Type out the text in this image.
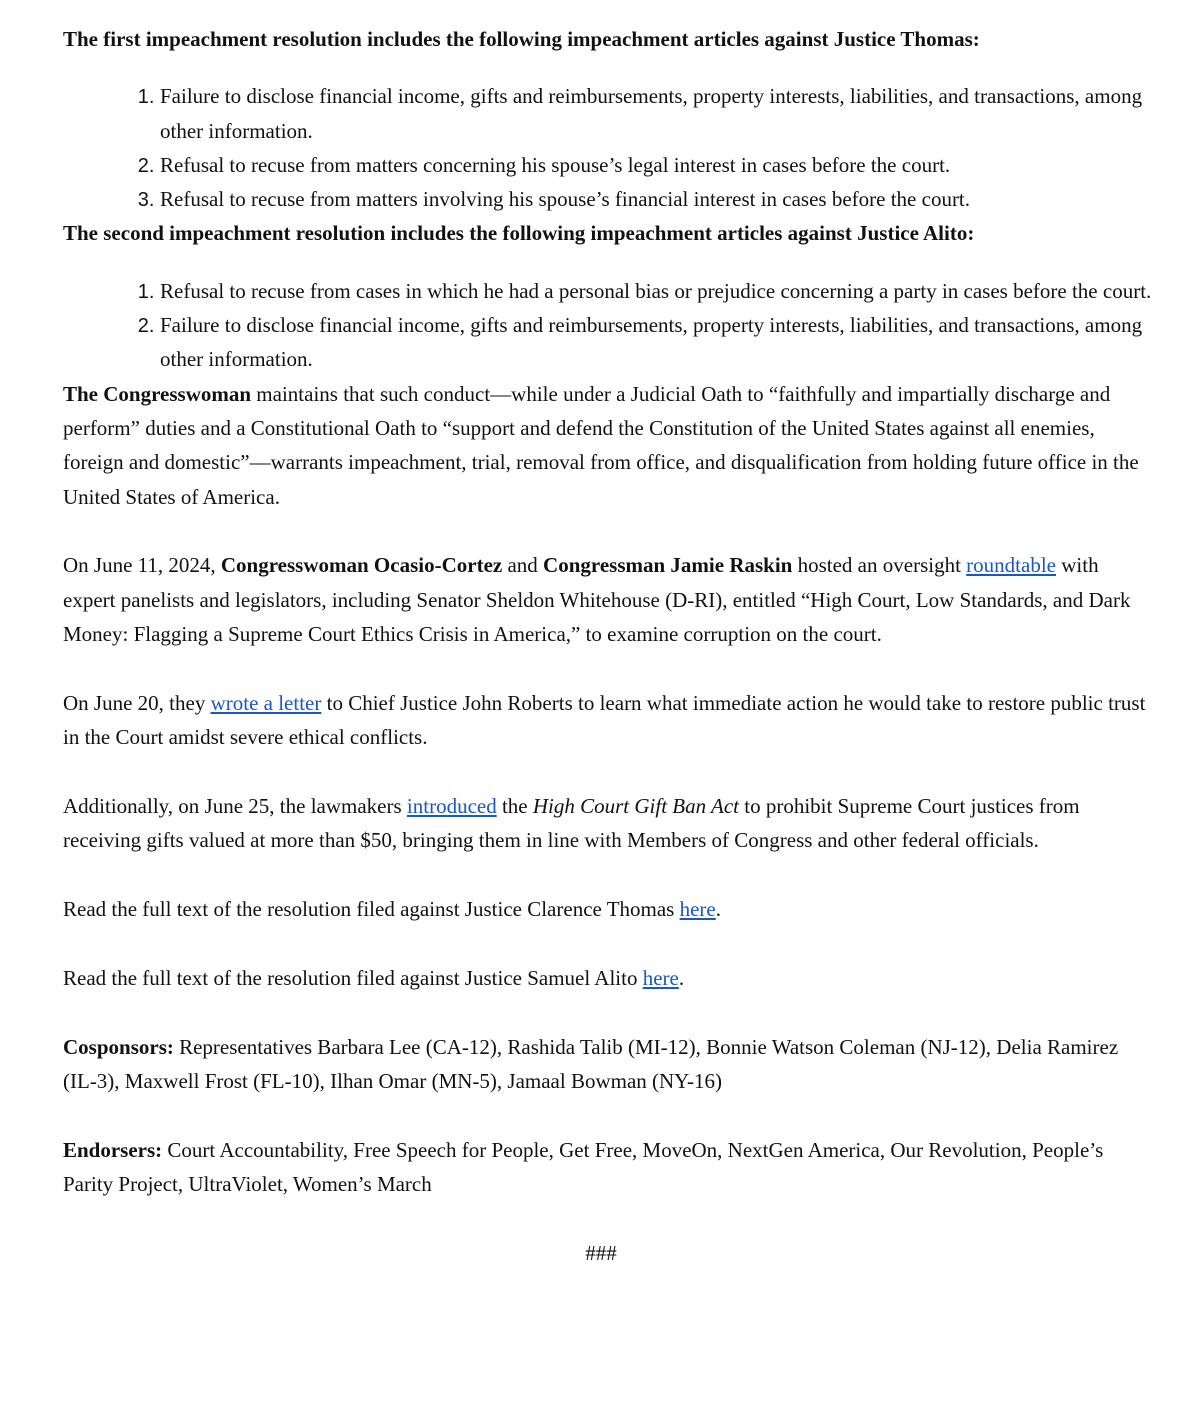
The first impeachment resolution includes the following impeachment articles against Justice Thomas:

1. Failure to disclose financial income, gifts and reimbursements, property interests, liabilities, and transactions, among other information.
2. Refusal to recuse from matters concerning his spouse’s legal interest in cases before the court.
3. Refusal to recuse from matters involving his spouse’s financial interest in cases before the court.

The second impeachment resolution includes the following impeachment articles against Justice Alito:

1. Refusal to recuse from cases in which he had a personal bias or prejudice concerning a party in cases before the court.
2. Failure to disclose financial income, gifts and reimbursements, property interests, liabilities, and transactions, among other information.

The Congresswoman maintains that such conduct—while under a Judicial Oath to “faithfully and impartially discharge and perform” duties and a Constitutional Oath to “support and defend the Constitution of the United States against all enemies, foreign and domestic”—warrants impeachment, trial, removal from office, and disqualification from holding future office in the United States of America.

On June 11, 2024, Congresswoman Ocasio-Cortez and Congressman Jamie Raskin hosted an oversight roundtable with expert panelists and legislators, including Senator Sheldon Whitehouse (D-RI), entitled “High Court, Low Standards, and Dark Money: Flagging a Supreme Court Ethics Crisis in America,” to examine corruption on the court.

On June 20, they wrote a letter to Chief Justice John Roberts to learn what immediate action he would take to restore public trust in the Court amidst severe ethical conflicts.

Additionally, on June 25, the lawmakers introduced the High Court Gift Ban Act to prohibit Supreme Court justices from receiving gifts valued at more than $50, bringing them in line with Members of Congress and other federal officials.

Read the full text of the resolution filed against Justice Clarence Thomas here.

Read the full text of the resolution filed against Justice Samuel Alito here.

Cosponsors: Representatives Barbara Lee (CA-12), Rashida Talib (MI-12), Bonnie Watson Coleman (NJ-12), Delia Ramirez (IL-3), Maxwell Frost (FL-10), Ilhan Omar (MN-5), Jamaal Bowman (NY-16)

Endorsers: Court Accountability, Free Speech for People, Get Free, MoveOn, NextGen America, Our Revolution, People’s Parity Project, UltraViolet, Women’s March

###
